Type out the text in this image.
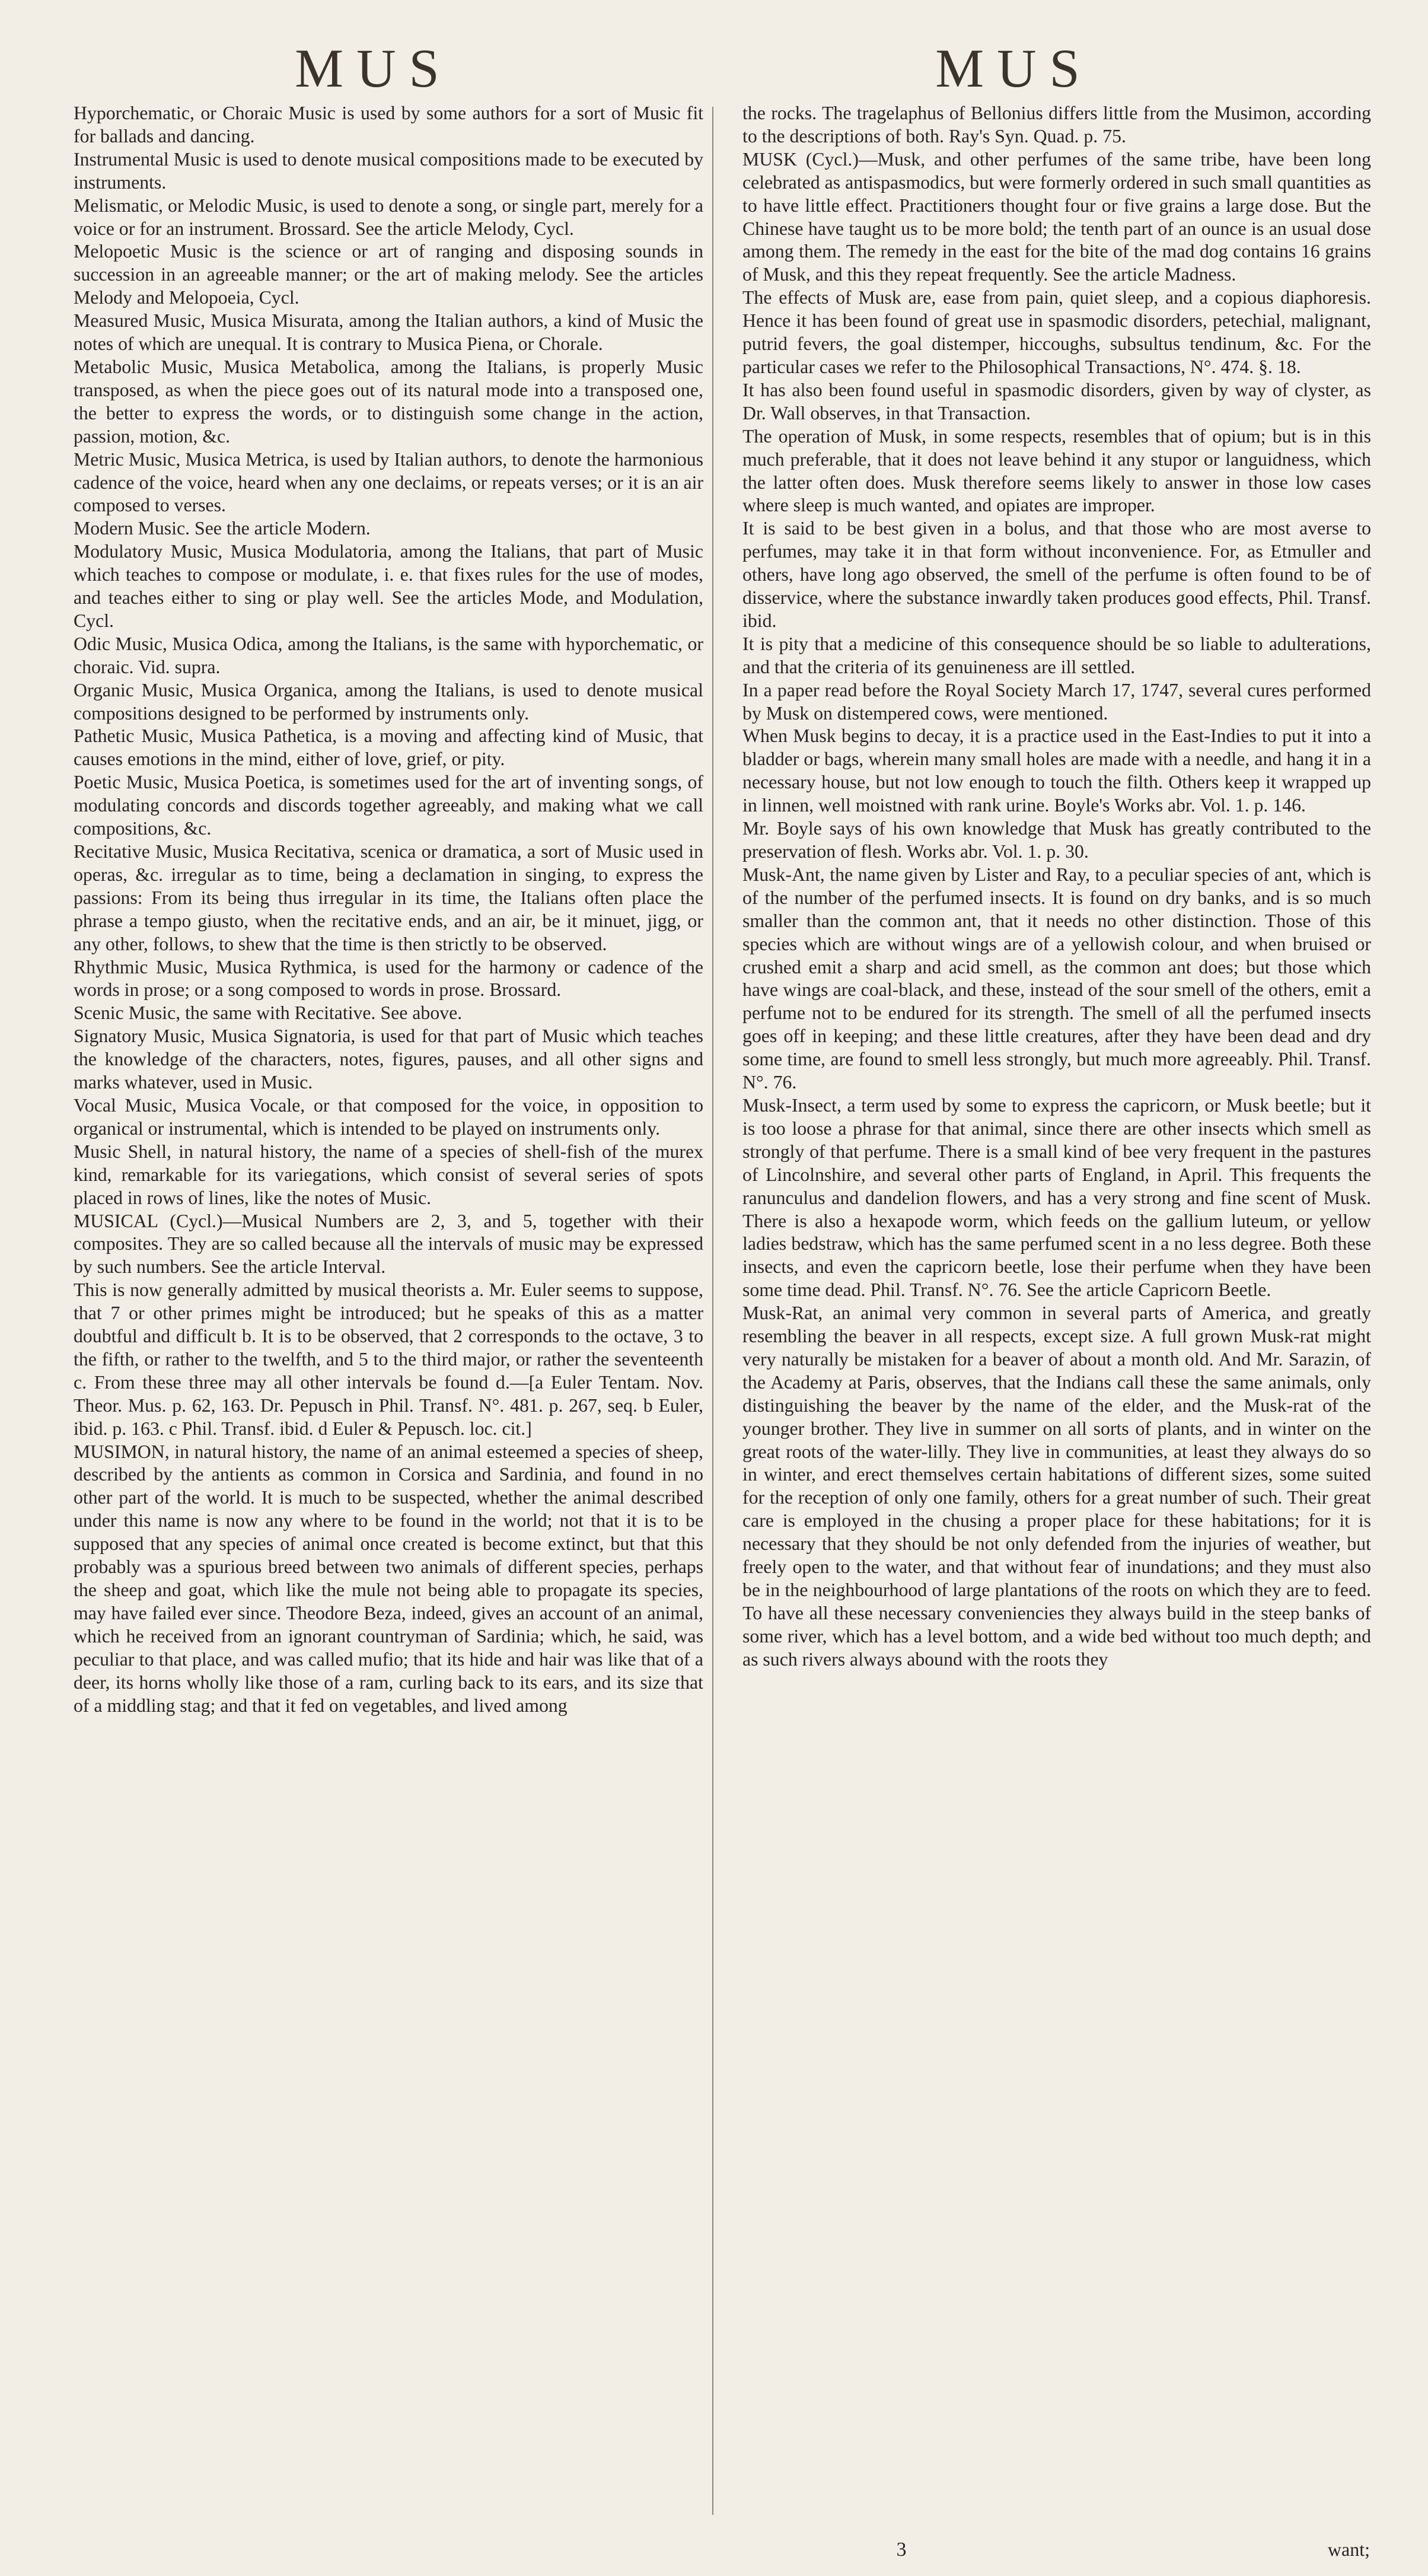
MUS	MUS
Hyporchematic, or Choraic Music is used by some authors for a sort of Music fit for ballads and dancing.
Instrumental Music is used to denote musical compositions made to be executed by instruments.
Melismatic, or Melodic Music, is used to denote a song, or single part, merely for a voice or for an instrument. Brossard. See the article Melody, Cycl.
Melopoetic Music is the science or art of ranging and disposing sounds in succession in an agreeable manner; or the art of making melody. See the articles Melody and Melopoeia, Cycl.
Measured Music, Musica Misurata, among the Italian authors, a kind of Music the notes of which are unequal. It is contrary to Musica Piena, or Chorale.
Metabolic Music, Musica Metabolica, among the Italians, is properly Music transposed, as when the piece goes out of its natural mode into a transposed one, the better to express the words, or to distinguish some change in the action, passion, motion, &c.
Metric Music, Musica Metrica, is used by Italian authors, to denote the harmonious cadence of the voice, heard when any one declaims, or repeats verses; or it is an air composed to verses.
Modern Music. See the article Modern.
Modulatory Music, Musica Modulatoria, among the Italians, that part of Music which teaches to compose or modulate, i. e. that fixes rules for the use of modes, and teaches either to sing or play well. See the articles Mode, and Modulation, Cycl.
Odic Music, Musica Odica, among the Italians, is the same with hyporchematic, or choraic. Vid. supra.
Organic Music, Musica Organica, among the Italians, is used to denote musical compositions designed to be performed by instruments only.
Pathetic Music, Musica Pathetica, is a moving and affecting kind of Music, that causes emotions in the mind, either of love, grief, or pity.
Poetic Music, Musica Poetica, is sometimes used for the art of inventing songs, of modulating concords and discords together agreeably, and making what we call compositions, &c.
Recitative Music, Musica Recitativa, scenica or dramatica, a sort of Music used in operas, &c. irregular as to time, being a declamation in singing, to express the passions: From its being thus irregular in its time, the Italians often place the phrase a tempo giusto, when the recitative ends, and an air, be it minuet, jigg, or any other, follows, to shew that the time is then strictly to be observed.
Rhythmic Music, Musica Rythmica, is used for the harmony or cadence of the words in prose; or a song composed to words in prose. Brossard.
Scenic Music, the same with Recitative. See above.
Signatory Music, Musica Signatoria, is used for that part of Music which teaches the knowledge of the characters, notes, figures, pauses, and all other signs and marks whatever, used in Music.
Vocal Music, Musica Vocale, or that composed for the voice, in opposition to organical or instrumental, which is intended to be played on instruments only.
Music Shell, in natural history, the name of a species of shell-fish of the murex kind, remarkable for its variegations, which consist of several series of spots placed in rows of lines, like the notes of Music.
MUSICAL (Cycl.)—Musical Numbers are 2, 3, and 5, together with their composites. They are so called because all the intervals of music may be expressed by such numbers. See the article Interval.
This is now generally admitted by musical theorists a. Mr. Euler seems to suppose, that 7 or other primes might be introduced; but he speaks of this as a matter doubtful and difficult b. It is to be observed, that 2 corresponds to the octave, 3 to the fifth, or rather to the twelfth, and 5 to the third major, or rather the seventeenth c. From these three may all other intervals be found d.—[a Euler Tentam. Nov. Theor. Mus. p. 62, 163. Dr. Pepusch in Phil. Transf. N°. 481. p. 267, seq. b Euler, ibid. p. 163. c Phil. Transf. ibid. d Euler & Pepusch. loc. cit.]
MUSIMON, in natural history, the name of an animal esteemed a species of sheep, described by the antients as common in Corsica and Sardinia, and found in no other part of the world. It is much to be suspected, whether the animal described under this name is now any where to be found in the world; not that it is to be supposed that any species of animal once created is become extinct, but that this probably was a spurious breed between two animals of different species, perhaps the sheep and goat, which like the mule not being able to propagate its species, may have failed ever since. Theodore Beza, indeed, gives an account of an animal, which he received from an ignorant countryman of Sardinia; which, he said, was peculiar to that place, and was called mufio; that its hide and hair was like that of a deer, its horns wholly like those of a ram, curling back to its ears, and its size that of a middling stag; and that it fed on vegetables, and lived among
the rocks. The tragelaphus of Bellonius differs little from the Musimon, according to the descriptions of both. Ray's Syn. Quad. p. 75.
MUSK (Cycl.)—Musk, and other perfumes of the same tribe, have been long celebrated as antispasmodics, but were formerly ordered in such small quantities as to have little effect. Practitioners thought four or five grains a large dose. But the Chinese have taught us to be more bold; the tenth part of an ounce is an usual dose among them. The remedy in the east for the bite of the mad dog contains 16 grains of Musk, and this they repeat frequently. See the article Madness.
The effects of Musk are, ease from pain, quiet sleep, and a copious diaphoresis. Hence it has been found of great use in spasmodic disorders, petechial, malignant, putrid fevers, the goal distemper, hiccoughs, subsultus tendinum, &c. For the particular cases we refer to the Philosophical Transactions, N°. 474. §. 18.
It has also been found useful in spasmodic disorders, given by way of clyster, as Dr. Wall observes, in that Transaction.
The operation of Musk, in some respects, resembles that of opium; but is in this much preferable, that it does not leave behind it any stupor or languidness, which the latter often does. Musk therefore seems likely to answer in those low cases where sleep is much wanted, and opiates are improper.
It is said to be best given in a bolus, and that those who are most averse to perfumes, may take it in that form without inconvenience. For, as Etmuller and others, have long ago observed, the smell of the perfume is often found to be of disservice, where the substance inwardly taken produces good effects, Phil. Transf. ibid.
It is pity that a medicine of this consequence should be so liable to adulterations, and that the criteria of its genuineness are ill settled.
In a paper read before the Royal Society March 17, 1747, several cures performed by Musk on distempered cows, were mentioned.
When Musk begins to decay, it is a practice used in the East-Indies to put it into a bladder or bags, wherein many small holes are made with a needle, and hang it in a necessary house, but not low enough to touch the filth. Others keep it wrapped up in linnen, well moistned with rank urine. Boyle's Works abr. Vol. 1. p. 146.
Mr. Boyle says of his own knowledge that Musk has greatly contributed to the preservation of flesh. Works abr. Vol. 1. p. 30.
Musk-Ant, the name given by Lister and Ray, to a peculiar species of ant, which is of the number of the perfumed insects. It is found on dry banks, and is so much smaller than the common ant, that it needs no other distinction. Those of this species which are without wings are of a yellowish colour, and when bruised or crushed emit a sharp and acid smell, as the common ant does; but those which have wings are coal-black, and these, instead of the sour smell of the others, emit a perfume not to be endured for its strength. The smell of all the perfumed insects goes off in keeping; and these little creatures, after they have been dead and dry some time, are found to smell less strongly, but much more agreeably. Phil. Transf. N°. 76.
Musk-Insect, a term used by some to express the capricorn, or Musk beetle; but it is too loose a phrase for that animal, since there are other insects which smell as strongly of that perfume. There is a small kind of bee very frequent in the pastures of Lincolnshire, and several other parts of England, in April. This frequents the ranunculus and dandelion flowers, and has a very strong and fine scent of Musk. There is also a hexapode worm, which feeds on the gallium luteum, or yellow ladies bedstraw, which has the same perfumed scent in a no less degree. Both these insects, and even the capricorn beetle, lose their perfume when they have been some time dead. Phil. Transf. N°. 76. See the article Capricorn Beetle.
Musk-Rat, an animal very common in several parts of America, and greatly resembling the beaver in all respects, except size. A full grown Musk-rat might very naturally be mistaken for a beaver of about a month old. And Mr. Sarazin, of the Academy at Paris, observes, that the Indians call these the same animals, only distinguishing the beaver by the name of the elder, and the Musk-rat of the younger brother. They live in summer on all sorts of plants, and in winter on the great roots of the water-lilly. They live in communities, at least they always do so in winter, and erect themselves certain habitations of different sizes, some suited for the reception of only one family, others for a great number of such. Their great care is employed in the chusing a proper place for these habitations; for it is necessary that they should be not only defended from the injuries of weather, but freely open to the water, and that without fear of inundations; and they must also be in the neighbourhood of large plantations of the roots on which they are to feed. To have all these necessary conveniencies they always build in the steep banks of some river, which has a level bottom, and a wide bed without too much depth; and as such rivers always abound with the roots they
3	want;
